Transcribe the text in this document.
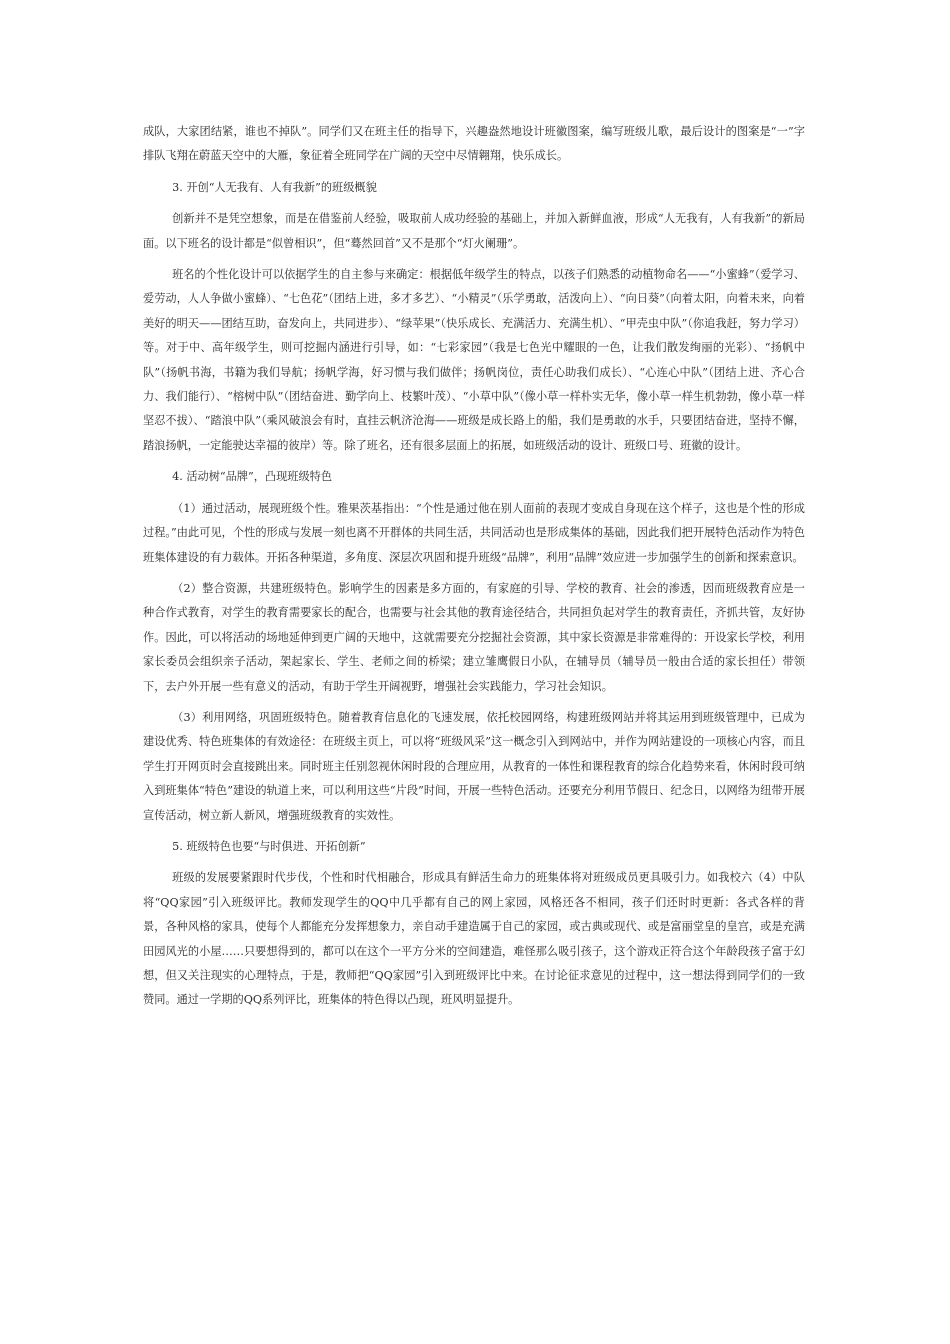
成队，大家团结紧，谁也不掉队”。同学们又在班主任的指导下，兴趣盎然地设计班徽图案，编写班级儿歌，最后设计的图案是“一”字排队飞翔在蔚蓝天空中的大雁，象征着全班同学在广阔的天空中尽情翱翔，快乐成长。

3. 开创“人无我有、人有我新”的班级概貌

创新并不是凭空想象，而是在借鉴前人经验，吸取前人成功经验的基础上，并加入新鲜血液，形成“人无我有，人有我新”的新局面。以下班名的设计都是“似曾相识”，但“蓦然回首”又不是那个“灯火阑珊”。

班名的个性化设计可以依据学生的自主参与来确定：根据低年级学生的特点，以孩子们熟悉的动植物命名——“小蜜蜂”（爱学习、爱劳动，人人争做小蜜蜂）、“七色花”（团结上进，多才多艺）、“小精灵”（乐学勇敢，活泼向上）、“向日葵”（向着太阳，向着未来，向着美好的明天——团结互助，奋发向上，共同进步）、“绿苹果”（快乐成长、充满活力、充满生机）、“甲壳虫中队”（你追我赶，努力学习）等。对于中、高年级学生，则可挖掘内涵进行引导，如：“七彩家园”（我是七色光中耀眼的一色，让我们散发绚丽的光彩）、“扬帆中队”（扬帆书海，书籍为我们导航；扬帆学海，好习惯与我们做伴；扬帆岗位，责任心助我们成长）、“心连心中队”（团结上进、齐心合力、我们能行）、“榕树中队”（团结奋进、勤学向上、枝繁叶茂）、“小草中队”（像小草一样朴实无华，像小草一样生机勃勃，像小草一样坚忍不拔）、“踏浪中队”（乘风破浪会有时，直挂云帆济沧海——班级是成长路上的船，我们是勇敢的水手，只要团结奋进，坚持不懈，踏浪扬帆，一定能驶达幸福的彼岸）等。除了班名，还有很多层面上的拓展，如班级活动的设计、班级口号、班徽的设计。

4. 活动树“品牌”，凸现班级特色

（1）通过活动，展现班级个性。雅果茨基指出：“个性是通过他在别人面前的表现才变成自身现在这个样子，这也是个性的形成过程。”由此可见，个性的形成与发展一刻也离不开群体的共同生活，共同活动也是形成集体的基础，因此我们把开展特色活动作为特色班集体建设的有力载体。开拓各种渠道，多角度、深层次巩固和提升班级“品牌”，利用“品牌”效应进一步加强学生的创新和探索意识。

（2）整合资源，共建班级特色。影响学生的因素是多方面的，有家庭的引导、学校的教育、社会的渗透，因而班级教育应是一种合作式教育，对学生的教育需要家长的配合，也需要与社会其他的教育途径结合，共同担负起对学生的教育责任，齐抓共管，友好协作。因此，可以将活动的场地延伸到更广阔的天地中，这就需要充分挖掘社会资源，其中家长资源是非常难得的：开设家长学校，利用家长委员会组织亲子活动，架起家长、学生、老师之间的桥梁；建立雏鹰假日小队，在辅导员（辅导员一般由合适的家长担任）带领下，去户外开展一些有意义的活动，有助于学生开阔视野，增强社会实践能力，学习社会知识。

（3）利用网络，巩固班级特色。随着教育信息化的飞速发展，依托校园网络，构建班级网站并将其运用到班级管理中，已成为建设优秀、特色班集体的有效途径：在班级主页上，可以将“班级风采”这一概念引入到网站中，并作为网站建设的一项核心内容，而且学生打开网页时会直接跳出来。同时班主任别忽视休闲时段的合理应用，从教育的一体性和课程教育的综合化趋势来看，休闲时段可纳入到班集体“特色”建设的轨道上来，可以利用这些“片段”时间，开展一些特色活动。还要充分利用节假日、纪念日，以网络为纽带开展宣传活动，树立新人新风，增强班级教育的实效性。

5. 班级特色也要“与时俱进、开拓创新”

班级的发展要紧跟时代步伐，个性和时代相融合，形成具有鲜活生命力的班集体将对班级成员更具吸引力。如我校六（4）中队将“QQ家园”引入班级评比。教师发现学生的QQ中几乎都有自己的网上家园，风格还各不相同，孩子们还时时更新：各式各样的背景，各种风格的家具，使每个人都能充分发挥想象力，亲自动手建造属于自己的家园，或古典或现代、或是富丽堂皇的皇宫，或是充满田园风光的小屋……只要想得到的，都可以在这个一平方分米的空间建造，难怪那么吸引孩子，这个游戏正符合这个年龄段孩子富于幻想，但又关注现实的心理特点，于是，教师把“QQ家园”引入到班级评比中来。在讨论征求意见的过程中，这一想法得到同学们的一致赞同。通过一学期的QQ系列评比，班集体的特色得以凸现，班风明显提升。
